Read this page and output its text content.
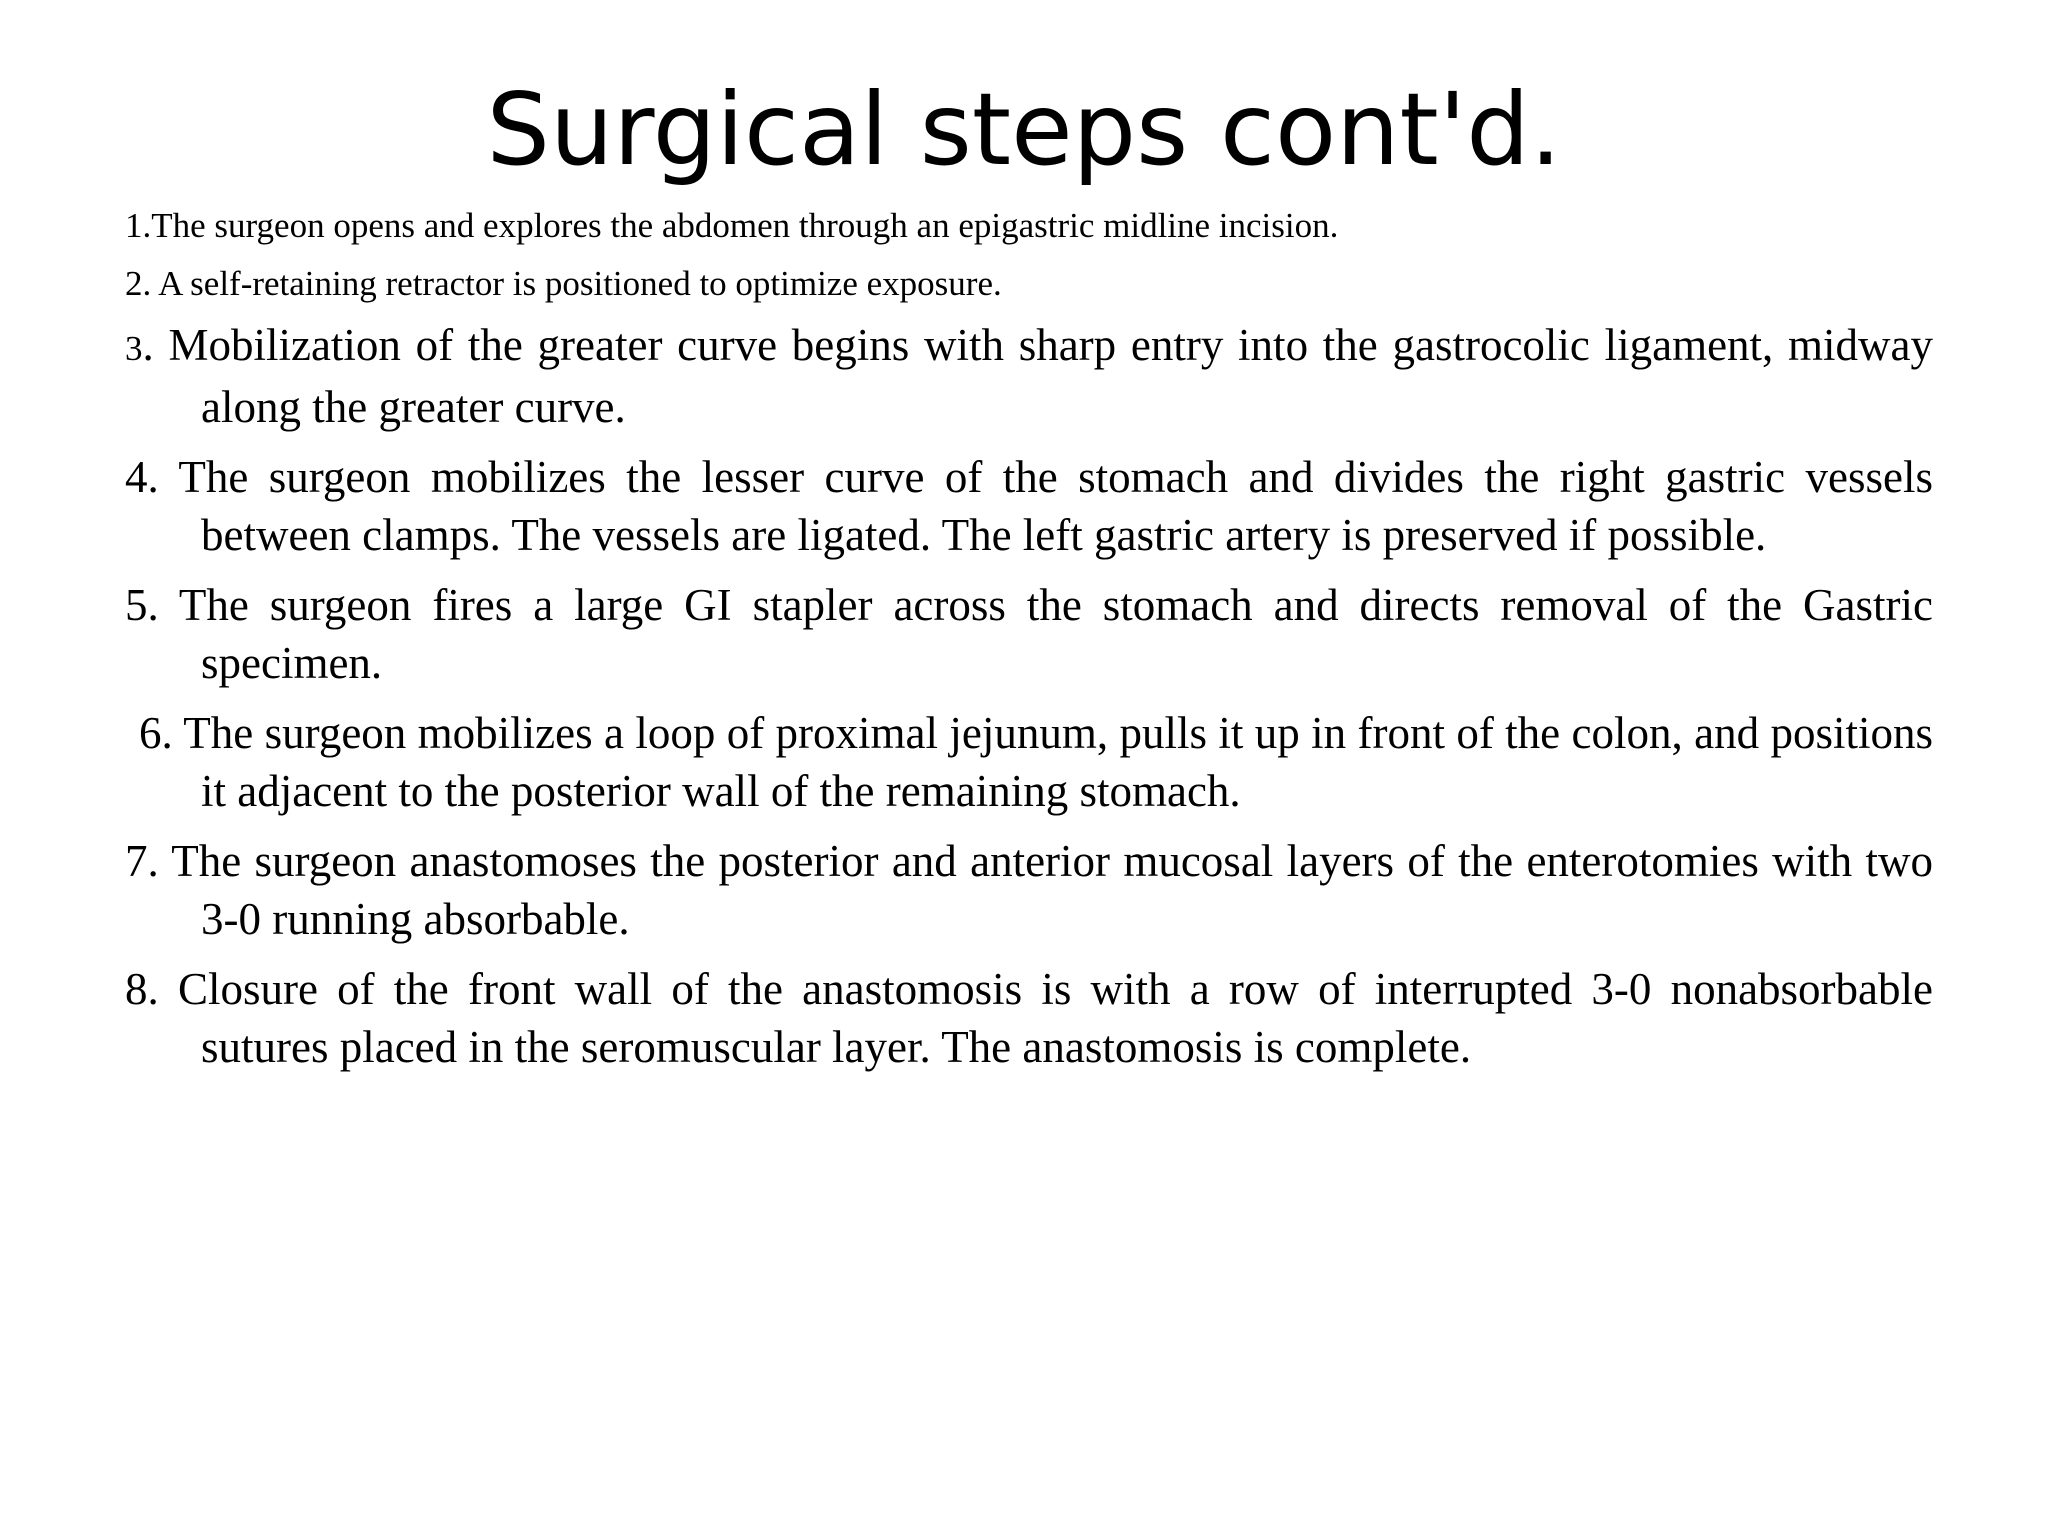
Surgical steps cont'd.

1.The surgeon opens and explores the abdomen through an epigastric midline incision.

2. A self-retaining retractor is positioned to optimize exposure.

3. Mobilization of the greater curve begins with sharp entry into the gastrocolic ligament, midway along the greater curve.

4. The surgeon mobilizes the lesser curve of the stomach and divides the right gastric vessels between clamps. The vessels are ligated. The left gastric artery is preserved if possible.

5. The surgeon fires a large GI stapler across the stomach and directs removal of the Gastric specimen.

6. The surgeon mobilizes a loop of proximal jejunum, pulls it up in front of the colon, and positions it adjacent to the posterior wall of the remaining stomach.

7. The surgeon anastomoses the posterior and anterior mucosal layers of the enterotomies with two 3-0 running absorbable.

8. Closure of the front wall of the anastomosis is with a row of interrupted 3-0 nonabsorbable sutures placed in the seromuscular layer. The anastomosis is complete.
